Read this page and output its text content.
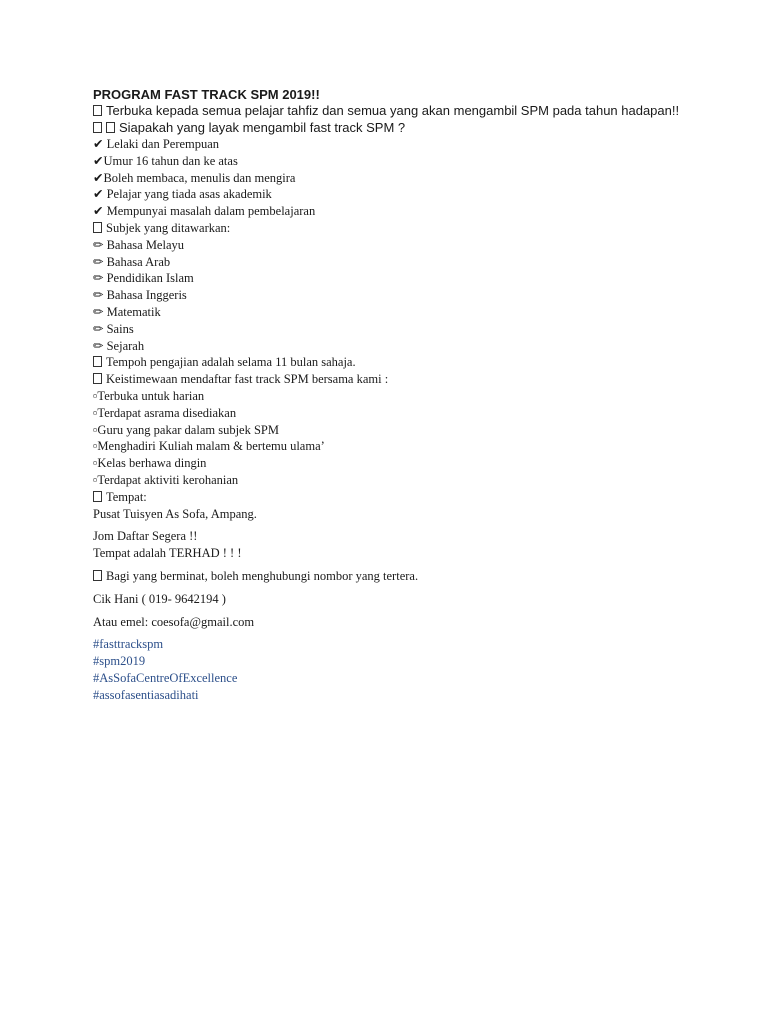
PROGRAM FAST TRACK SPM 2019!!

Terbuka kepada semua pelajar tahfiz dan semua yang akan mengambil SPM pada tahun hadapan!!
Siapakah yang layak mengambil fast track SPM ?
✔ Lelaki dan Perempuan
✔Umur 16 tahun dan ke atas
✔Boleh membaca, menulis dan mengira
✔ Pelajar yang tiada asas akademik
✔ Mempunyai masalah dalam pembelajaran
Subjek yang ditawarkan:
✏ Bahasa Melayu
✏ Bahasa Arab
✏ Pendidikan Islam
✏ Bahasa Inggeris
✏ Matematik
✏ Sains
✏ Sejarah
Tempoh pengajian adalah selama 11 bulan sahaja.
Keistimewaan mendaftar fast track SPM bersama kami :
▫Terbuka untuk harian
▫Terdapat asrama disediakan
▫Guru yang pakar dalam subjek SPM
▫Menghadiri Kuliah malam & bertemu ulama’
▫Kelas berhawa dingin
▫Terdapat aktiviti kerohanian
Tempat:
Pusat Tuisyen As Sofa, Ampang.
Jom Daftar Segera !!
Tempat adalah TERHAD ! ! !
Bagi yang berminat, boleh menghubungi nombor yang tertera.
Cik Hani ( 019- 9642194 )
Atau emel: coesofa@gmail.com
#fasttrackspm
#spm2019
#AsSofaCentreOfExcellence
#assofasentiasadihati
